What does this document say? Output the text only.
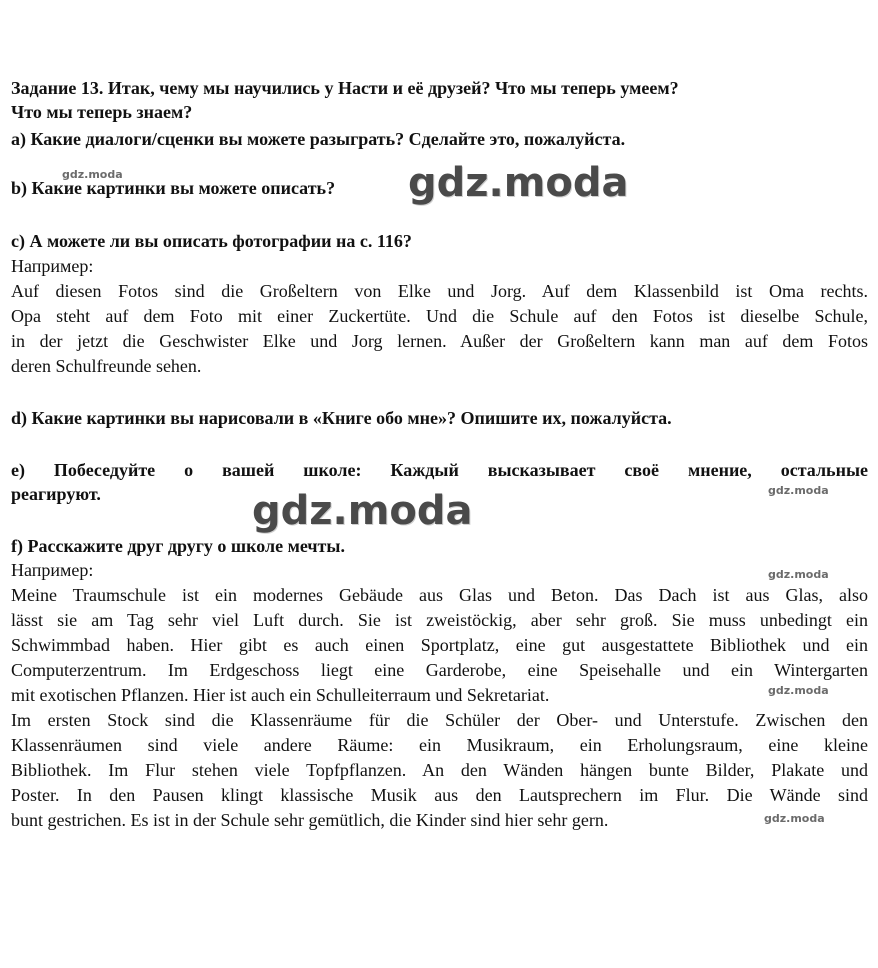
Задание 13. Итак, чему мы научились у Насти и её друзей? Что мы теперь умеем?
Что мы теперь знаем?
а) Какие диалоги/сценки вы можете разыграть? Сделайте это, пожалуйста.
b) Какие картинки вы можете описать?
с) А можете ли вы описать фотографии на с. 116?
Например:
Auf diesen Fotos sind die Großeltern von Elke und Jorg. Auf dem Klassenbild ist Oma rechts.
Opa steht auf dem Foto mit einer Zuckertüte. Und die Schule auf den Fotos ist dieselbe Schule,
in der jetzt die Geschwister Elke und Jorg lernen. Außer der Großeltern kann man auf dem Fotos
deren Schulfreunde sehen.
d) Какие картинки вы нарисовали в «Книге обо мне»? Опишите их, пожалуйста.
е) Побеседуйте о вашей школе: Каждый высказывает своё мнение, остальные
реагируют.
f) Расскажите друг другу о школе мечты.
Например:
Meine Traumschule ist ein modernes Gebäude aus Glas und Beton. Das Dach ist aus Glas, also
lässt sie am Tag sehr viel Luft durch. Sie ist zweistöckig, aber sehr groß. Sie muss unbedingt ein
Schwimmbad haben. Hier gibt es auch einen Sportplatz, eine gut ausgestattete Bibliothek und ein
Computerzentrum. Im Erdgeschoss liegt eine Garderobe, eine Speisehalle und ein Wintergarten
mit exotischen Pflanzen. Hier ist auch ein Schulleiterraum und Sekretariat.
Im ersten Stock sind die Klassenräume für die Schüler der Ober- und Unterstufe. Zwischen den
Klassenräumen sind viele andere Räume: ein Musikraum, ein Erholungsraum, eine kleine
Bibliothek. Im Flur stehen viele Topfpflanzen. An den Wänden hängen bunte Bilder, Plakate und
Poster. In den Pausen klingt klassische Musik aus den Lautsprechern im Flur. Die Wände sind
bunt gestrichen. Es ist in der Schule sehr gemütlich, die Kinder sind hier sehr gern.
gdz.moda
gdz.moda
gdz.moda
gdz.moda
gdz.moda
gdz.moda
gdz.moda
